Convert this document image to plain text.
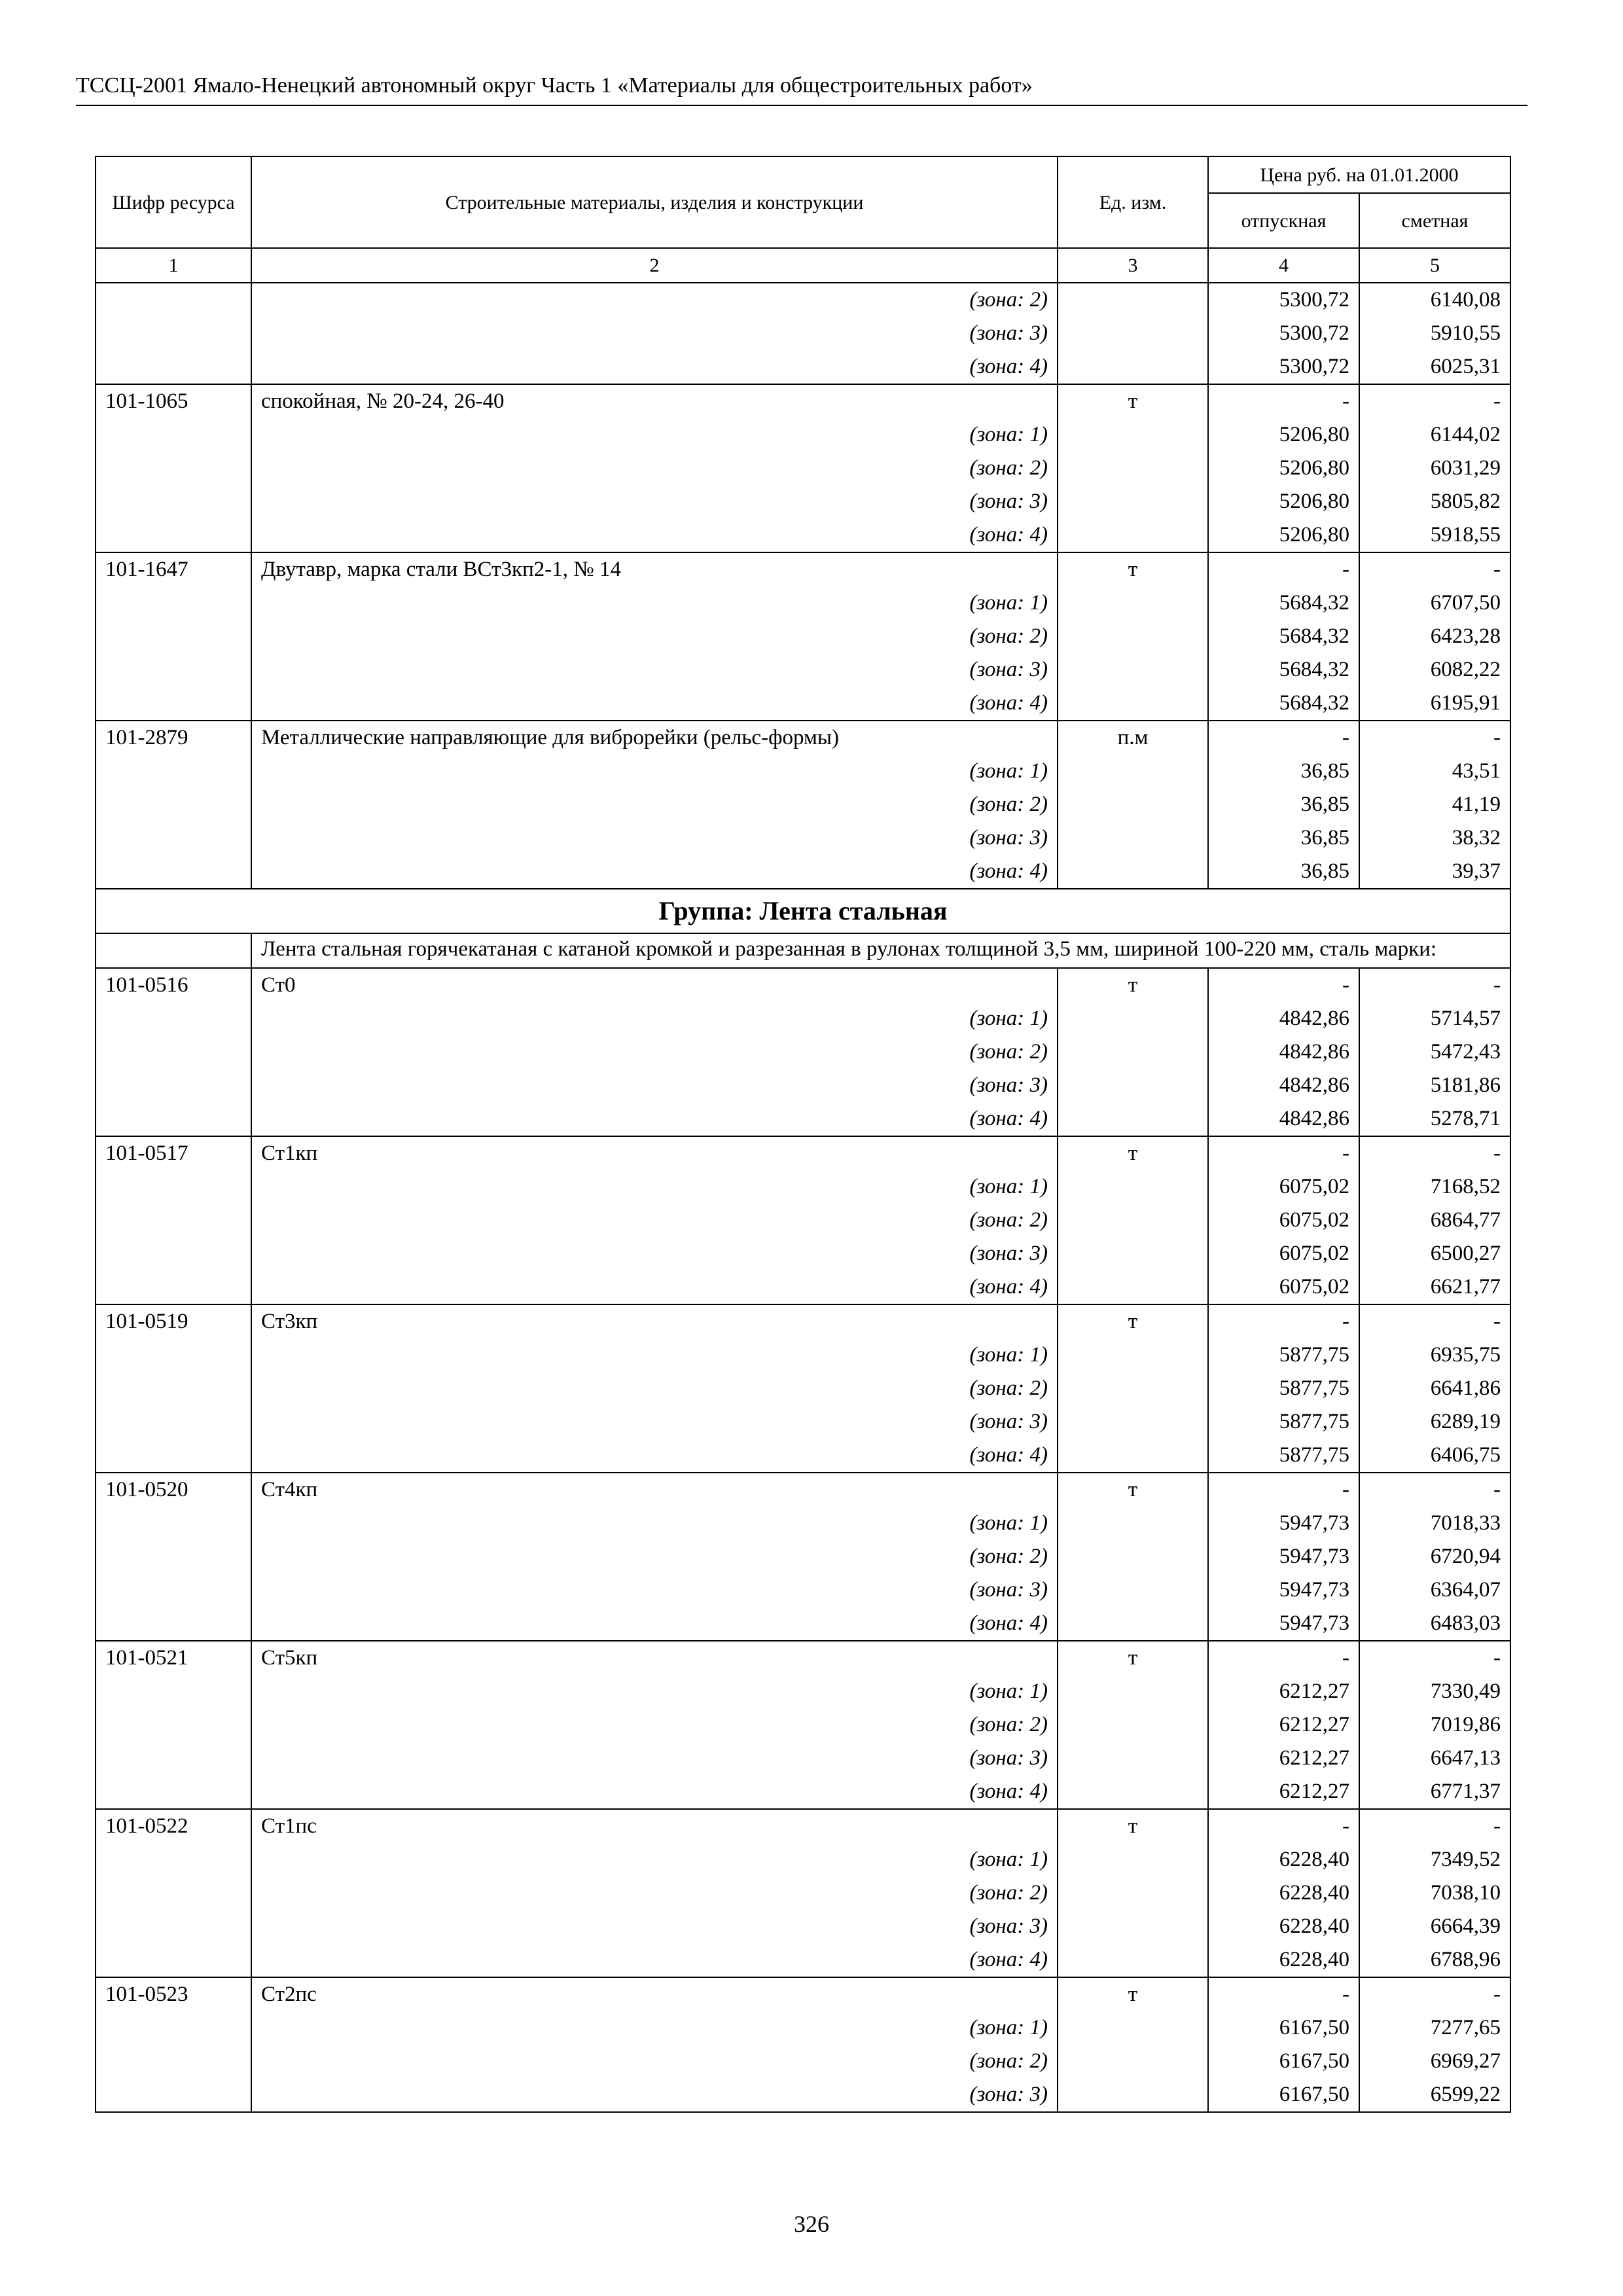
ТССЦ-2001 Ямало-Ненецкий автономный округ Часть 1 «Материалы для общестроительных работ»
Шифр ресурса	Строительные материалы, изделия и конструкции	Ед. изм.	Цена руб. на 01.01.2000	
			отпускная	сметная
1	2	3	4	5
	(зона: 2)		5300,72	6140,08
	(зона: 3)		5300,72	5910,55
	(зона: 4)		5300,72	6025,31
101-1065	спокойная, № 20-24, 26-40	т	-	-
	(зона: 1)		5206,80	6144,02
	(зона: 2)		5206,80	6031,29
	(зона: 3)		5206,80	5805,82
	(зона: 4)		5206,80	5918,55
101-1647	Двутавр, марка стали ВСт3кп2-1, № 14	т	-	-
	(зона: 1)		5684,32	6707,50
	(зона: 2)		5684,32	6423,28
	(зона: 3)		5684,32	6082,22
	(зона: 4)		5684,32	6195,91
101-2879	Металлические направляющие для виброрейки (рельс-формы)	п.м	-	-
	(зона: 1)		36,85	43,51
	(зона: 2)		36,85	41,19
	(зона: 3)		36,85	38,32
	(зона: 4)		36,85	39,37
Группа: Лента стальная				
	Лента стальная горячекатаная с катаной кромкой и разрезанная в рулонах толщиной 3,5 мм, шириной 100-220 мм, сталь марки:			
101-0516	Ст0	т	-	-
	(зона: 1)		4842,86	5714,57
	(зона: 2)		4842,86	5472,43
	(зона: 3)		4842,86	5181,86
	(зона: 4)		4842,86	5278,71
101-0517	Ст1кп	т	-	-
	(зона: 1)		6075,02	7168,52
	(зона: 2)		6075,02	6864,77
	(зона: 3)		6075,02	6500,27
	(зона: 4)		6075,02	6621,77
101-0519	Ст3кп	т	-	-
	(зона: 1)		5877,75	6935,75
	(зона: 2)		5877,75	6641,86
	(зона: 3)		5877,75	6289,19
	(зона: 4)		5877,75	6406,75
101-0520	Ст4кп	т	-	-
	(зона: 1)		5947,73	7018,33
	(зона: 2)		5947,73	6720,94
	(зона: 3)		5947,73	6364,07
	(зона: 4)		5947,73	6483,03
101-0521	Ст5кп	т	-	-
	(зона: 1)		6212,27	7330,49
	(зона: 2)		6212,27	7019,86
	(зона: 3)		6212,27	6647,13
	(зона: 4)		6212,27	6771,37
101-0522	Ст1пс	т	-	-
	(зона: 1)		6228,40	7349,52
	(зона: 2)		6228,40	7038,10
	(зона: 3)		6228,40	6664,39
	(зона: 4)		6228,40	6788,96
101-0523	Ст2пс	т	-	-
	(зона: 1)		6167,50	7277,65
	(зона: 2)		6167,50	6969,27
	(зона: 3)		6167,50	6599,22
326
